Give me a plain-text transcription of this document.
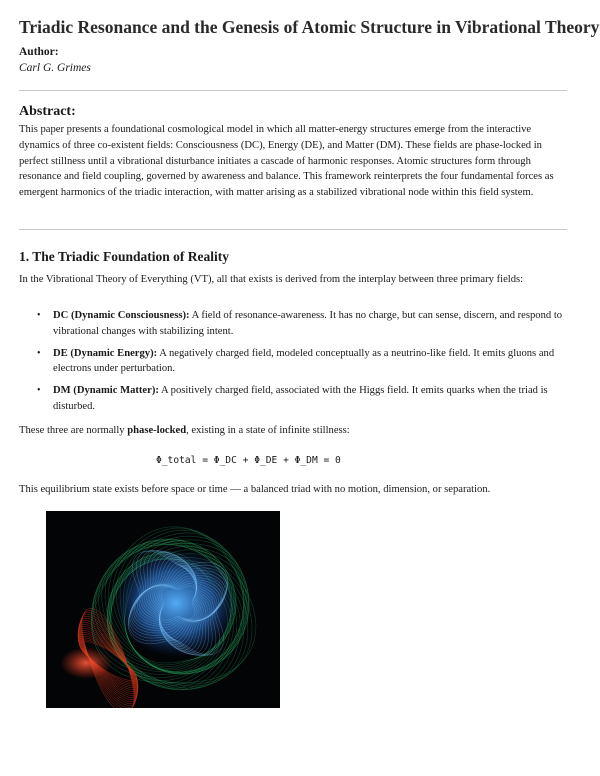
Triadic Resonance and the Genesis of Atomic Structure in Vibrational Theory
Author:
Carl G. Grimes
Abstract:

This paper presents a foundational cosmological model in which all matter-energy structures emerge from the interactive dynamics of three co-existent fields: Consciousness (DC), Energy (DE), and Matter (DM). These fields are phase-locked in perfect stillness until a vibrational disturbance initiates a cascade of harmonic responses. Atomic structures form through resonance and field coupling, governed by awareness and balance. This framework reinterprets the four fundamental forces as emergent harmonics of the triadic interaction, with matter arising as a stabilized vibrational node within this field system.

1. The Triadic Foundation of Reality

In the Vibrational Theory of Everything (VT), all that exists is derived from the interplay between three primary fields:

• DC (Dynamic Consciousness): A field of resonance-awareness. It has no charge, but can sense, discern, and respond to vibrational changes with stabilizing intent.
• DE (Dynamic Energy): A negatively charged field, modeled conceptually as a neutrino-like field. It emits gluons and electrons under perturbation.
• DM (Dynamic Matter): A positively charged field, associated with the Higgs field. It emits quarks when the triad is disturbed.

These three are normally phase-locked, existing in a state of infinite stillness:

Φ_total = Φ_DC + Φ_DE + Φ_DM = 0

This equilibrium state exists before space or time — a balanced triad with no motion, dimension, or separation.
